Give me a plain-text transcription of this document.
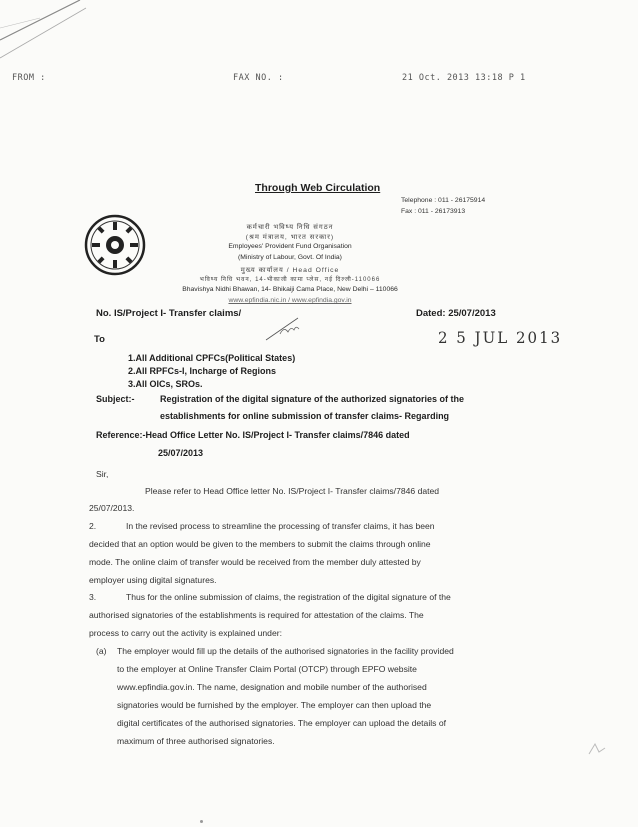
FROM :	FAX NO. :	21 Oct. 2013 13:18 P 1
Through Web Circulation
Telephone : 011 - 26175914
Fax : 011 - 26173913
कर्मचारी भविष्य निधि संगठन
(श्रम मंत्रालय, भारत सरकार)
Employees' Provident Fund Organisation
(Ministry of Labour, Govt. Of India)
मुख्य कार्यालय / Head Office
भविष्य निधि भवन, 14-भीकाजी कामा प्लेस, नई दिल्ली-110066
Bhavishya Nidhi Bhawan, 14- Bhikaiji Cama Place, New Delhi – 110066
www.epfindia.nic.in / www.epfindia.gov.in
No. IS/Project I- Transfer claims/	Dated: 25/07/2013
To	2 5 JUL 2013
1.All Additional CPFCs(Political States)
2.All RPFCs-I, Incharge of Regions
3.All OICs, SROs.
Subject:-	Registration of the digital signature of the authorized signatories of the
establishments for online submission of transfer claims- Regarding
Reference:-Head Office Letter No. IS/Project I- Transfer claims/7846 dated
25/07/2013
Sir,
Please refer to Head Office letter No. IS/Project I- Transfer claims/7846 dated
25/07/2013.
2.	In the revised process to streamline the processing of transfer claims, it has been
decided that an option would be given to the members to submit the claims through online
mode. The online claim of transfer would be received from the member duly attested by
employer using digital signatures.
3.	Thus for the online submission of claims, the registration of the digital signature of the
authorised signatories of the establishments is required for attestation of the claims. The
process to carry out the activity is explained under:
(a) The employer would fill up the details of the authorised signatories in the facility provided
to the employer at Online Transfer Claim Portal (OTCP) through EPFO website
www.epfindia.gov.in. The name, designation and mobile number of the authorised
signatories would be furnished by the employer. The employer can then upload the
digital certificates of the authorised signatories. The employer can upload the details of
maximum of three authorised signatories.
